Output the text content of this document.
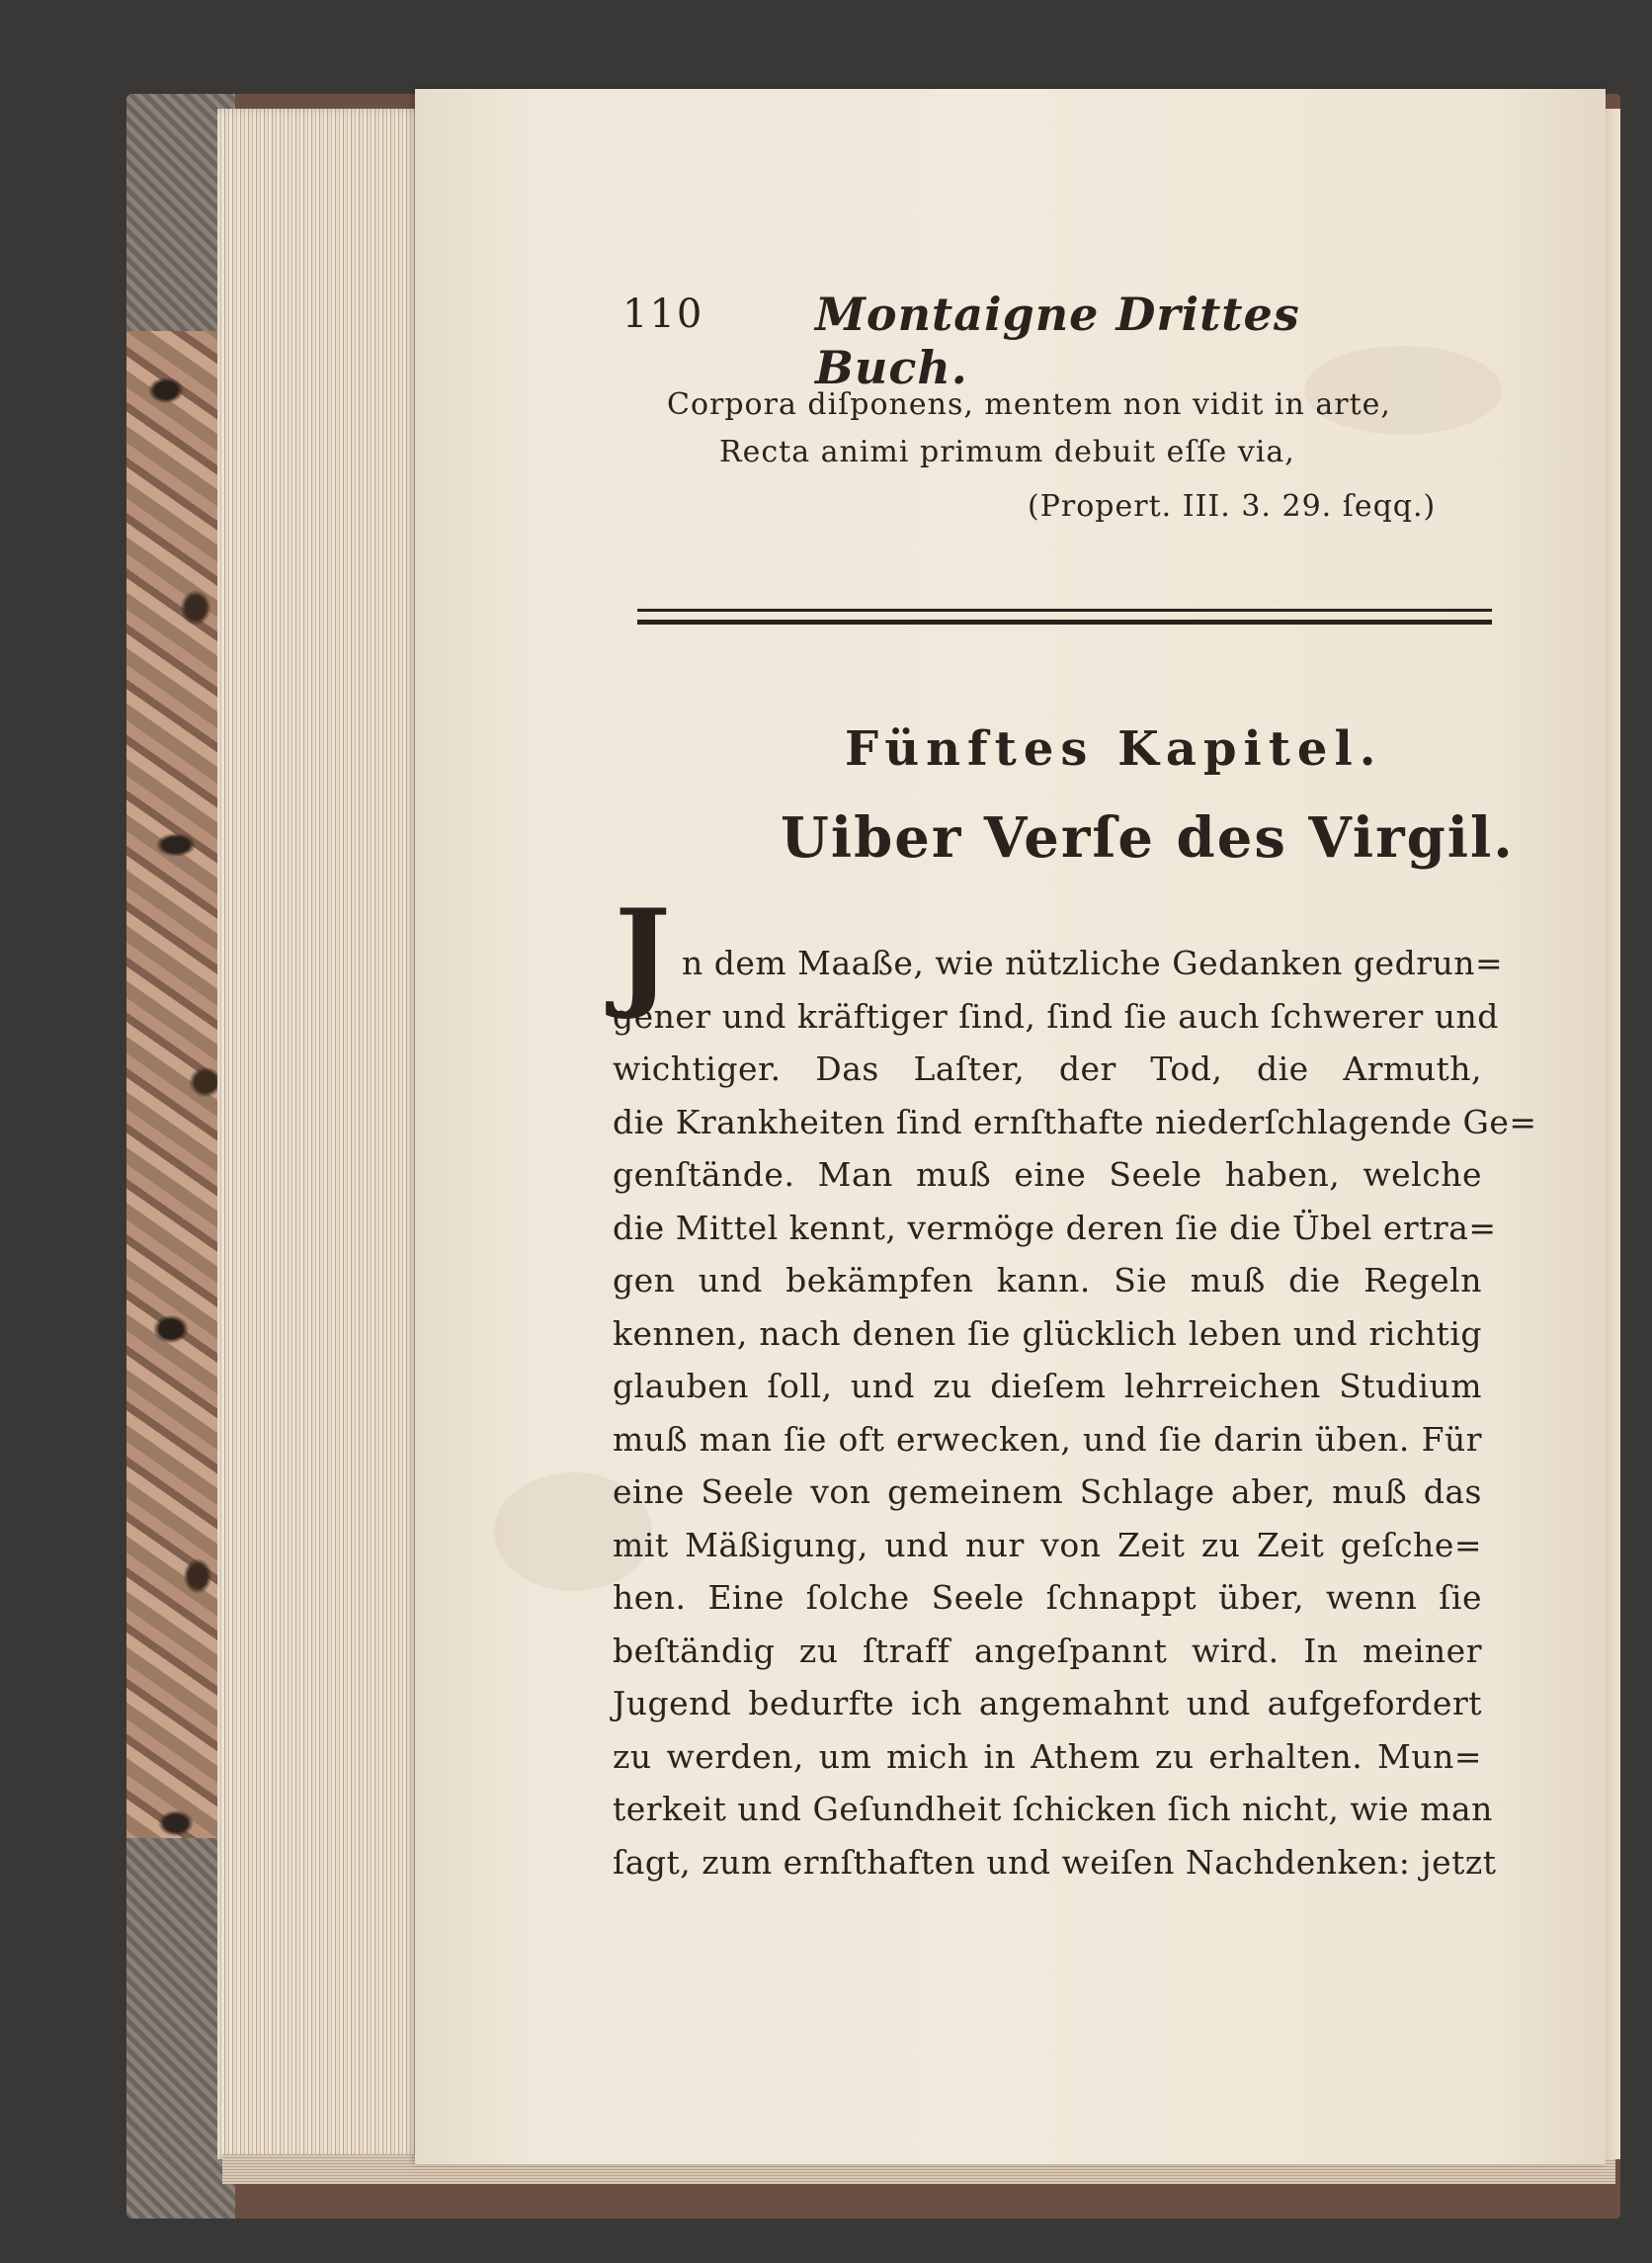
110 Montaigne Drittes Buch.
Corpora diſponens, mentem non vidit in arte,
Recta animi primum debuit eſſe via,
(Propert. III. 3. 29. ſeqq.)
Fünftes Kapitel.
Uiber Verſe des Virgil.
J n dem Maaße, wie nützliche Gedanken gedrun=
gener und kräftiger ſind, ſind ſie auch ſchwerer und
wichtiger. Das Laſter, der Tod, die Armuth,
die Krankheiten ſind ernſthafte niederſchlagende Ge=
genſtände. Man muß eine Seele haben, welche
die Mittel kennt, vermöge deren ſie die Übel ertra=
gen und bekämpfen kann. Sie muß die Regeln
kennen, nach denen ſie glücklich leben und richtig
glauben ſoll, und zu dieſem lehrreichen Studium
muß man ſie oft erwecken, und ſie darin üben. Für
eine Seele von gemeinem Schlage aber, muß das
mit Mäßigung, und nur von Zeit zu Zeit geſche=
hen. Eine ſolche Seele ſchnappt über, wenn ſie
beſtändig zu ſtraff angeſpannt wird. In meiner
Jugend bedurfte ich angemahnt und aufgefordert
zu werden, um mich in Athem zu erhalten. Mun=
terkeit und Geſundheit ſchicken ſich nicht, wie man
ſagt, zum ernſthaften und weiſen Nachdenken: jetzt
